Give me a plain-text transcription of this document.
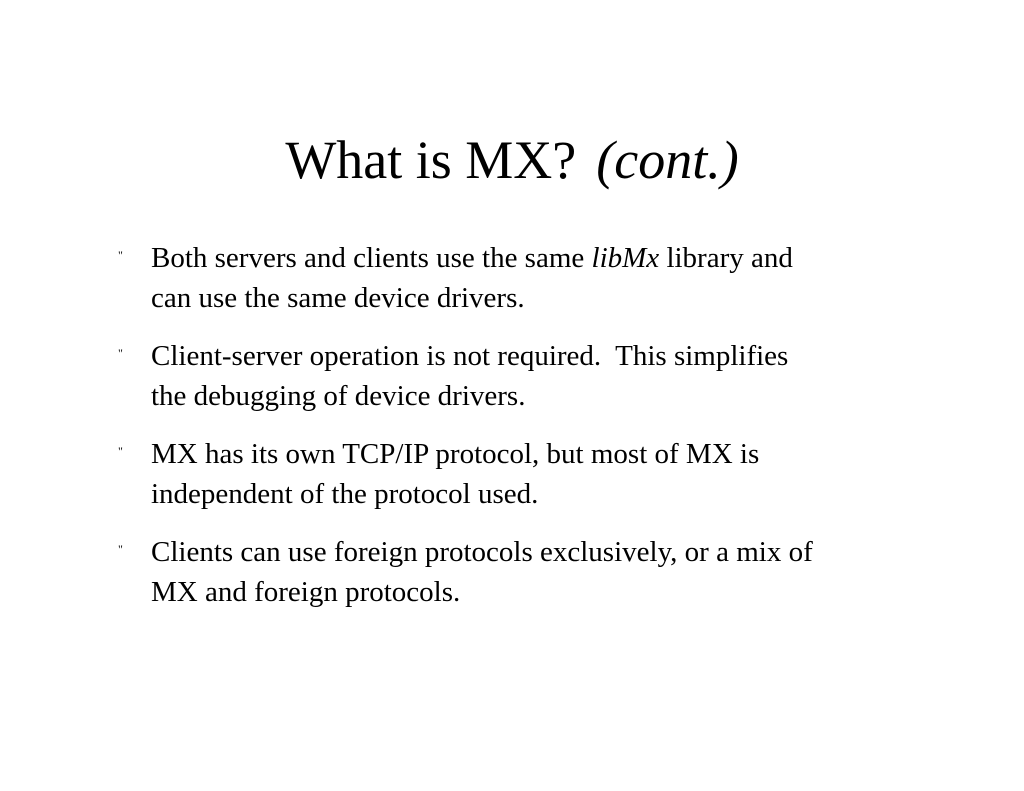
What is MX? (cont.)
" Both servers and clients use the same libMx library and
can use the same device drivers.
" Client-server operation is not required.  This simplifies
the debugging of device drivers.
" MX has its own TCP/IP protocol, but most of MX is
independent of the protocol used.
" Clients can use foreign protocols exclusively, or a mix of
MX and foreign protocols.
